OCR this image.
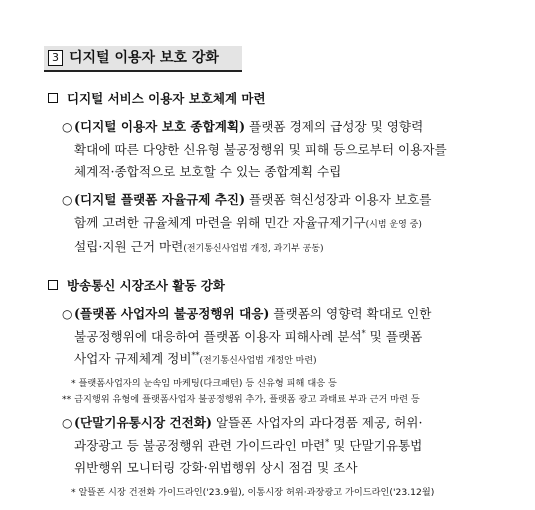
3 디지털 이용자 보호 강화
디지털 서비스 이용자 보호체계 마련
○ (디지털 이용자 보호 종합계획) 플랫폼 경제의 급성장 및 영향력
확대에 따른 다양한 신유형 불공정행위 및 피해 등으로부터 이용자를
체계적·종합적으로 보호할 수 있는 종합계획 수립
○ (디지털 플랫폼 자율규제 추진) 플랫폼 혁신성장과 이용자 보호를
함께 고려한 규율체계 마련을 위해 민간 자율규제기구(시범 운영 중)
설립·지원 근거 마련(전기통신사업법 개정, 과기부 공동)
방송통신 시장조사 활동 강화
○ (플랫폼 사업자의 불공정행위 대응) 플랫폼의 영향력 확대로 인한
불공정행위에 대응하여 플랫폼 이용자 피해사례 분석* 및 플랫폼
사업자 규제체계 정비**(전기통신사업법 개정안 마련)
* 플랫폼사업자의 눈속임 마케팅(다크패턴) 등 신유형 피해 대응 등
** 금지행위 유형에 플랫폼사업자 불공정행위 추가, 플랫폼 광고 과태료 부과 근거 마련 등
○ (단말기유통시장 건전화) 알뜰폰 사업자의 과다경품 제공, 허위·
과장광고 등 불공정행위 관련 가이드라인 마련* 및 단말기유통법
위반행위 모니터링 강화·위법행위 상시 점검 및 조사
* 알뜰폰 시장 건전화 가이드라인('23.9월), 이통시장 허위·과장광고 가이드라인('23.12월)
